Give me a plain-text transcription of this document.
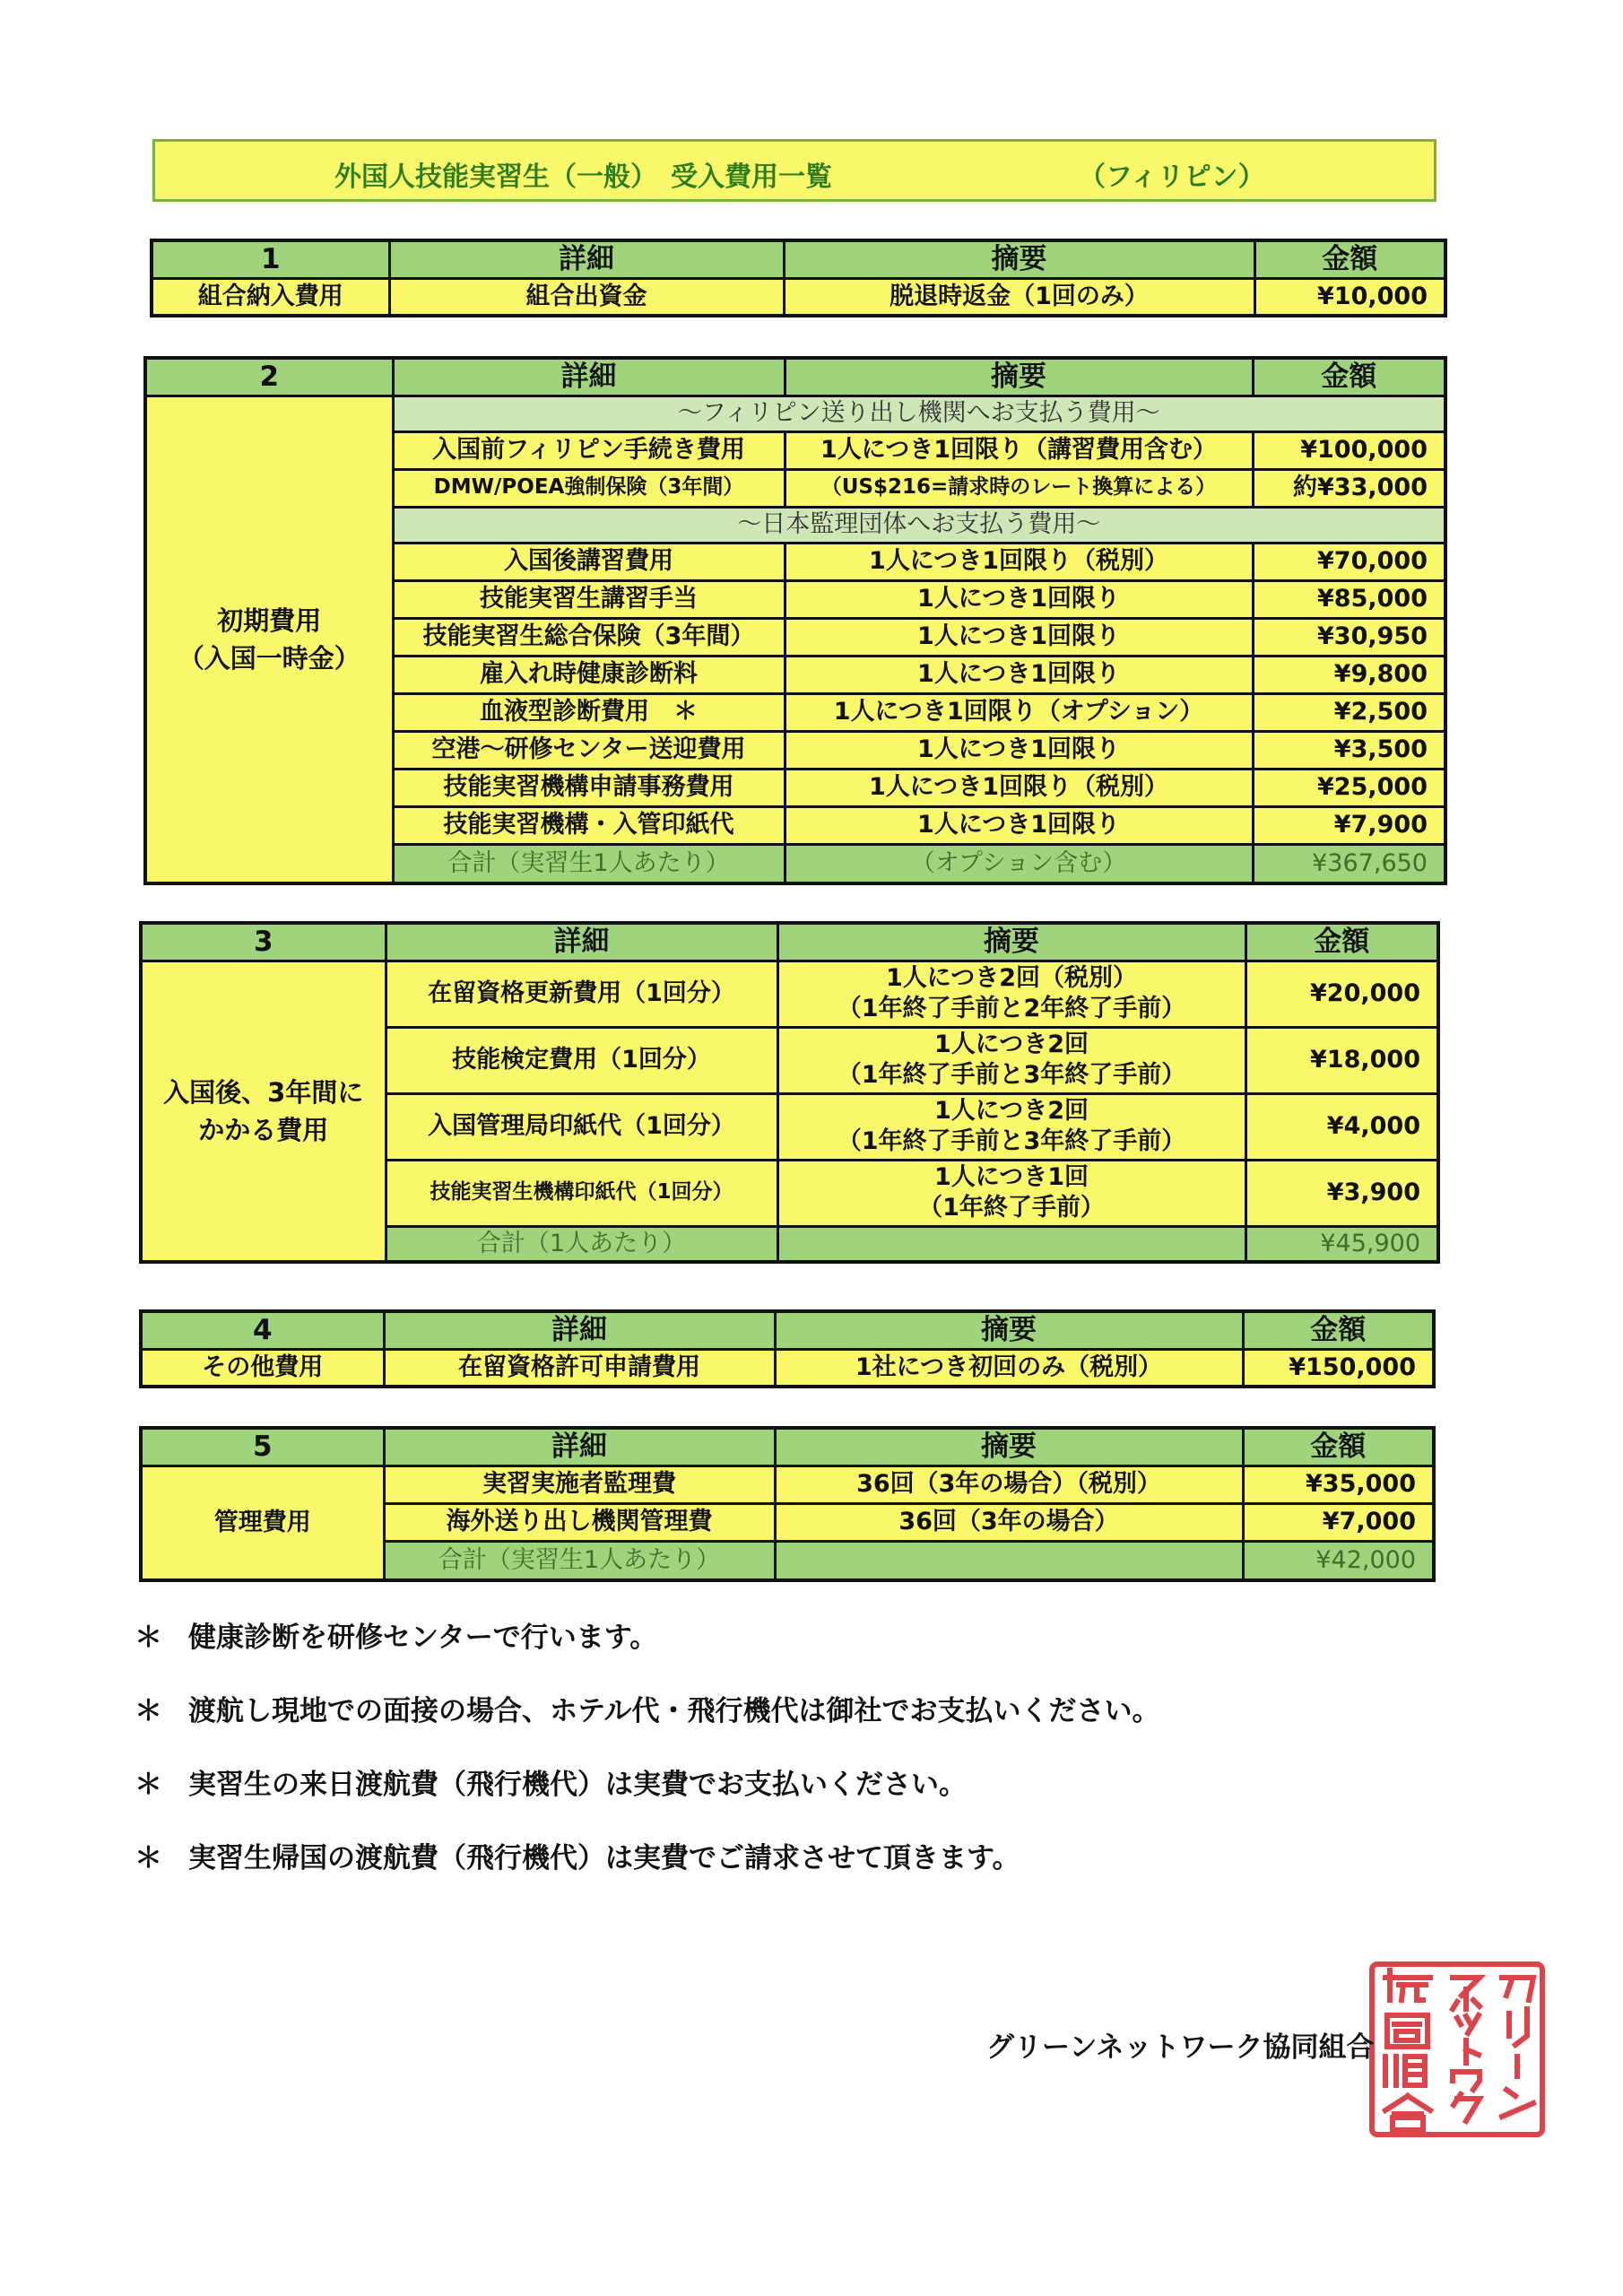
外国人技能実習生（一般）　受入費用一覧	（フィリピン）
1	詳細	摘要	金額
組合納入費用	組合出資金	脱退時返金（1回のみ）	¥10,000
2	詳細	摘要	金額
初期費用
（入国一時金）	～フィリピン送り出し機関へお支払う費用～		
	入国前フィリピン手続き費用	1人につき1回限り（講習費用含む）	¥100,000
	DMW/POEA強制保険（3年間）	（US$216=請求時のレート換算による）	約¥33,000
	～日本監理団体へお支払う費用～		
	入国後講習費用	1人につき1回限り（税別）	¥70,000
	技能実習生講習手当	1人につき1回限り	¥85,000
	技能実習生総合保険（3年間）	1人につき1回限り	¥30,950
	雇入れ時健康診断料	1人につき1回限り	¥9,800
	血液型診断費用　＊	1人につき1回限り（オプション）	¥2,500
	空港～研修センター送迎費用	1人につき1回限り	¥3,500
	技能実習機構申請事務費用	1人につき1回限り（税別）	¥25,000
	技能実習機構・入管印紙代	1人につき1回限り	¥7,900
	合計（実習生1人あたり）	（オプション含む）	¥367,650
3	詳細	摘要	金額
入国後、3年間に
かかる費用	在留資格更新費用（1回分）	1人につき2回（税別）
（1年終了手前と2年終了手前）	¥20,000
	技能検定費用（1回分）	1人につき2回
（1年終了手前と3年終了手前）	¥18,000
	入国管理局印紙代（1回分）	1人につき2回
（1年終了手前と3年終了手前）	¥4,000
	技能実習生機構印紙代（1回分）	1人につき1回
（1年終了手前）	¥3,900
	合計（1人あたり）		¥45,900
4	詳細	摘要	金額
その他費用	在留資格許可申請費用	1社につき初回のみ（税別）	¥150,000
5	詳細	摘要	金額
管理費用	実習実施者監理費	36回（3年の場合）（税別）	¥35,000
	海外送り出し機関管理費	36回（3年の場合）	¥7,000
	合計（実習生1人あたり）		¥42,000
＊ 健康診断を研修センターで行います。
＊ 渡航し現地での面接の場合、ホテル代・飛行機代は御社でお支払いください。
＊ 実習生の来日渡航費（飛行機代）は実費でお支払いください。
＊ 実習生帰国の渡航費（飛行機代）は実費でご請求させて頂きます。
グリーンネットワーク協同組合
